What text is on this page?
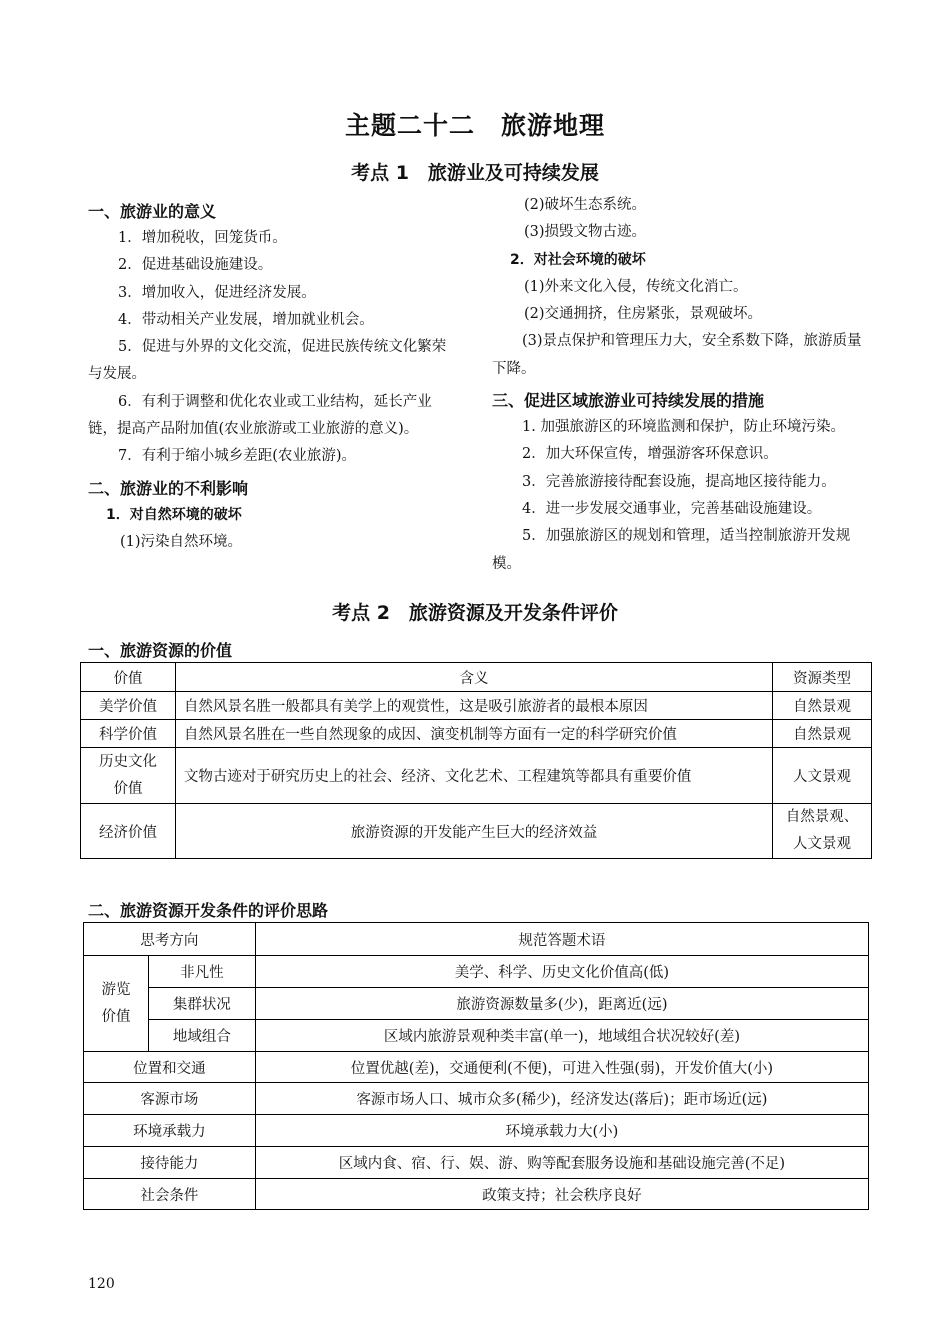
主题二十二　旅游地理
考点 1　旅游业及可持续发展

一、旅游业的意义

1．增加税收，回笼货币。

2．促进基础设施建设。

3．增加收入，促进经济发展。

4．带动相关产业发展，增加就业机会。

5．促进与外界的文化交流，促进民族传统文化繁荣与发展。

6．有利于调整和优化农业或工业结构，延长产业链，提高产品附加值(农业旅游或工业旅游的意义)。

7．有利于缩小城乡差距(农业旅游)。

二、旅游业的不利影响

1．对自然环境的破坏

(1)污染自然环境。

(2)破坏生态系统。

(3)损毁文物古迹。

2．对社会环境的破坏

(1)外来文化入侵，传统文化消亡。

(2)交通拥挤，住房紧张，景观破坏。

(3)景点保护和管理压力大，安全系数下降，旅游质量下降。

三、促进区域旅游业可持续发展的措施

1. 加强旅游区的环境监测和保护，防止环境污染。

2．加大环保宣传，增强游客环保意识。

3．完善旅游接待配套设施，提高地区接待能力。

4．进一步发展交通事业，完善基础设施建设。

5．加强旅游区的规划和管理，适当控制旅游开发规模。

考点 2　旅游资源及开发条件评价
一、旅游资源的价值
价值	含义	资源类型
美学价值	自然风景名胜一般都具有美学上的观赏性，这是吸引旅游者的最根本原因	自然景观
科学价值	自然风景名胜在一些自然现象的成因、演变机制等方面有一定的科学研究价值	自然景观
历史文化价值	文物古迹对于研究历史上的社会、经济、文化艺术、工程建筑等都具有重要价值	人文景观
经济价值	旅游资源的开发能产生巨大的经济效益	自然景观、人文景观
二、旅游资源开发条件的评价思路
思考方向		规范答题术语
游览价值	非凡性	美学、科学、历史文化价值高(低)
	集群状况	旅游资源数量多(少)，距离近(远)
	地域组合	区域内旅游景观种类丰富(单一)，地域组合状况较好(差)
位置和交通		位置优越(差)，交通便利(不便)，可进入性强(弱)，开发价值大(小)
客源市场		客源市场人口、城市众多(稀少)，经济发达(落后)；距市场近(远)
环境承载力		环境承载力大(小)
接待能力		区域内食、宿、行、娱、游、购等配套服务设施和基础设施完善(不足)
社会条件		政策支持；社会秩序良好
120
